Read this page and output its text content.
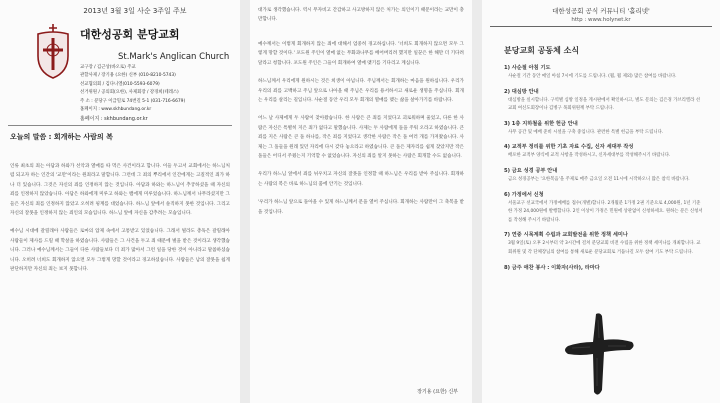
2013년 3월 3일 사순 3주일 주보
대한성공회 분당교회
St.Mark's Anglican Church
교구장 / 김근상(바오로) 주교
관할사제 / 장기용 (요한) 신부 (010-8210-5743)
선교협의회 / 김다니엘(010-5593-6079)
선거위원 / 공의회(요한), 사제회장 / 강경희(테레스)
주 소 : 분당구 이급밀로 74번길 5-1 (031-716-6679)
홈페이지 : www.skhbundang.or.kr
홈페이지 : skhbundang.or.kr
오늘의 말씀 : 회개하는 사람의 복

인류 최초의 죄는 아담과 하와가 선악과 열매를 따 먹은 사건이라고 합니다. 이들 두고서 교회에서는 하느님처럼 되고자 하는 인간의 '교만'이라는 원죄라고 말합니다. 그런데 그 죄의 뿌리에서 인간에게는 고질적인 죄가 하나 더 있습니다. 그것은 자신의 죄를 인정하지 않는 것입니다. 아담과 하와는 하느님이 추궁하셨을 때 자신의 죄를 인정하지 않았습니다. 아담은 하와에게 미루고 하와는 뱀에게 미루었습니다. 하느님께서 나무라셨지만 그들은 자신의 죄를 인정하지 않았고 오히려 핑계를 대었습니다. 하느님 앞에서 솔직하지 못한 것입니다. 그리고 자신의 잘못을 인정하지 않는 죄인의 모습입니다. 하느님 앞에 자신을 감추려는 모습입니다.

예수님 시대에 갈릴래아 사람들은 로마의 압제 속에서 고통받고 있었습니다. 그래서 빌라도 총독은 갈릴래아 사람들이 제사를 드릴 때 학살을 하였습니다. 사람들은 그 사건을 두고 죄 때문에 벌을 받은 것이라고 생각했습니다. 그러나 예수님께서는 그들이 다른 사람들보다 더 죄가 많아서 그런 일을 당한 것이 아니라고 말씀하셨습니다. 오히려 너희도 회개하지 않으면 모두 그렇게 망할 것이라고 경고하셨습니다. 사람들은 남의 잘못을 쉽게 판단하지만 자신의 죄는 보지 못합니다.

대가로 생각했습니다. 역시 무자비고 간감하고 사고방하지 않은 처가는 의인이기 때문이라는 교만이 충만합니다.

예수께서는 이렇게 회개하지 않는 죄에 대해서 엄중히 경고하십니다. '너희도 회개하지 않으면 모두 그렇게 망할 것이다.' 포도원 주인이 열매 없는 무화과나무를 베어버리려 했지만 일꾼은 한 해만 더 기다려 달라고 청합니다. 포도원 주인은 그들이 회개하여 열매 맺기를 기다리고 계십니다.

하느님께서 우리에게 원하시는 것은 희생이 아닙니다. 주님께서는 회개하는 마음을 원하십니다. 우리가 우리의 죄를 고백하고 주님 앞으로 나아올 때 주님은 우리를 용서하시고 새로운 생명을 주십니다. 회개는 우리를 살리는 길입니다. 사순절 동안 우리 모두 회개의 열매를 맺는 삶을 살아가기를 바랍니다.

어느 날 사제에게 두 사람이 찾아왔습니다. 한 사람은 큰 죄를 지었다고 괴로워하며 울었고, 다른 한 사람은 자신은 특별히 지은 죄가 없다고 말했습니다. 사제는 두 사람에게 돌을 주워 오라고 하였습니다. 큰 죄를 지은 사람은 큰 돌 하나를, 작은 죄를 지었다고 생각한 사람은 작은 돌 여러 개를 가져왔습니다. 사제는 그 돌들을 원래 있던 자리에 다시 갖다 놓으라고 하였습니다. 큰 돌은 제자리를 쉽게 찾았지만 작은 돌들은 어디서 주웠는지 기억할 수 없었습니다. 자신의 죄를 알지 못하는 사람은 회개할 수도 없습니다.

우리가 하느님 앞에서 죄를 뉘우치고 자신의 잘못을 인정할 때 하느님은 우리를 받아 주십니다. 회개하는 사람의 복은 바로 하느님의 품에 안기는 것입니다.

'우리가 하느님 앞으로 돌아올 수 있게 하느님께서 문을 열어 주십니다. 회개하는 사람만이 그 축복을 받을 것입니다.

장기용 (요한) 신부
대한성공회 공식 커뮤니티 '홀리넷'
http : www.holynet.kr
분당교회 공동체 소식
1) 사순절 아침 기도
사순절 기간 동안 매일 아침 7시에 기도를 드립니다. (월, 월 제외) 많은 참여를 바랍니다.
2) 대심방 안내
대심방을 실시합니다. 구역별 심방 일정을 게시판에서 확인하시고, 별도 문의는 김은경 가브리엘라 선교회 여신도회장이나 김병구 목회위원께 부탁 드립니다.
3) 1층 지하철을 위한 헌금 안내
사무 공간 및 예배 준비 시설을 구축 중입니다. 관련한 특별 헌금을 부탁 드립니다.
4) 교적부 정리를 위한 기초 자료 수집, 신자 세대부 작성
배포한 교적부 양식에 교적 사항을 작성하시고, 신자세대부를 작성해주시기 바랍니다.
5) 금요 성경 공부 안내
금요 성경공부는 '요한복음'을 주제로 매주 금요일 오전 11시에 시작하오니 많은 참석 바랍니다.
6) 가정에서 신청
서울교구 선교국에서 가정예배를 접수(개별)합니다. 2개월분 1가정 2권 기준으로 4,000원, 1년 기준 한 가정 24,000원에 발행합니다. 2인 이상이 가정은 민원에 상관없이 신청하세요. 원하는 분은 신청서를 작성해 주시기 바랍니다.
7) 연중 시목계획 수립과 교회발전을 위한 정책 세미나
3월 9일(토) 오후 2시부터 약 3시간에 걸쳐 분당교회 비전 수립을 위한 정책 세미나를 개최합니다. 교회위원 및 각 단체장님의 참여를 통해 새로운 분당교회로 거듭나길 모두 참여 기도 부탁 드립니다.
8) 금주 애찬 봉사 : 이화자(사라), 라마다
